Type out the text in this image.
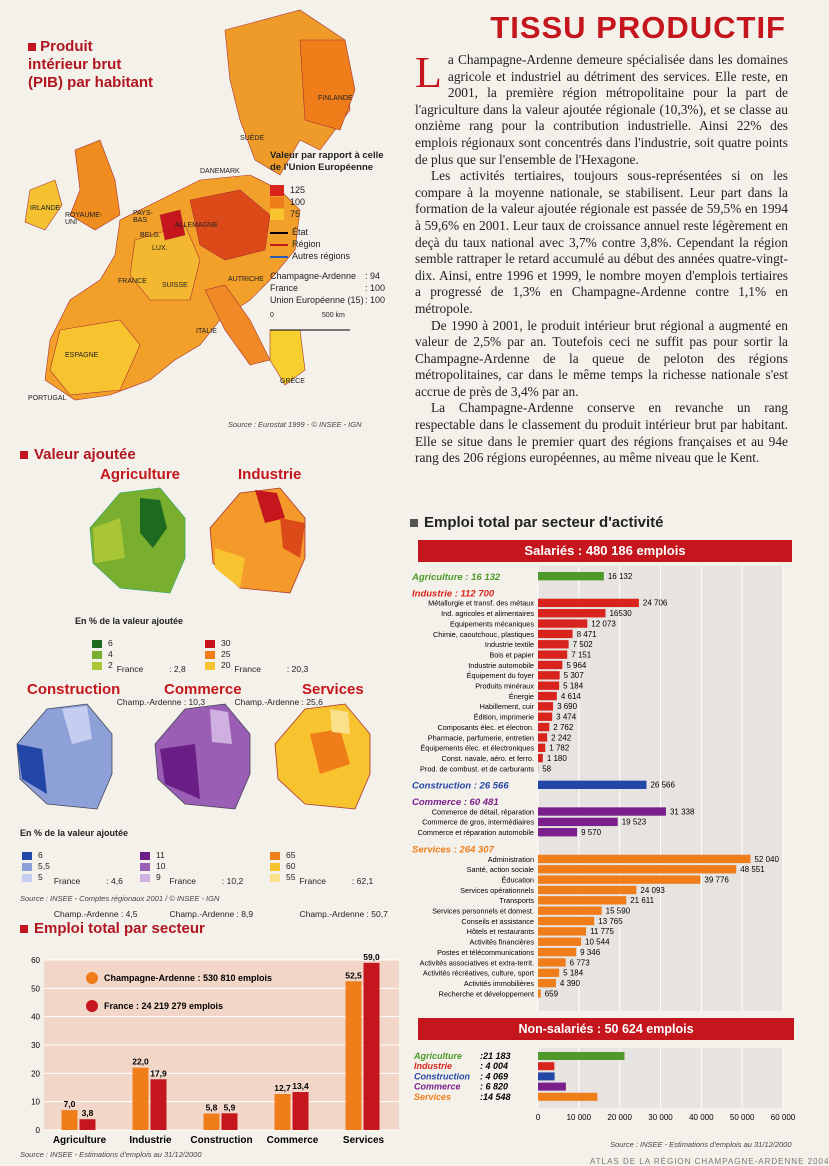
TISSU PRODUCTIF

La Champagne-Ardenne demeure spécialisée dans les domaines agricole et industriel au détriment des services. Elle reste, en 2001, la première région métropolitaine pour la part de l'agriculture dans la valeur ajoutée régionale (10,3%), et se classe au onzième rang pour la contribution industrielle. Ainsi 22% des emplois régionaux sont concentrés dans l'industrie, soit quatre points de plus que sur l'ensemble de l'Hexagone.

Les activités tertiaires, toujours sous-représentées si on les compare à la moyenne nationale, se stabilisent. Leur part dans la formation de la valeur ajoutée régionale est passée de 59,5% en 1994 à 59,6% en 2001. Leur taux de croissance annuel reste légèrement en deçà du taux national avec 3,7% contre 3,8%. Cependant la région semble rattraper le retard accumulé au début des années quatre-vingt-dix. Ainsi, entre 1996 et 1999, le nombre moyen d'emplois tertiaires a progressé de 1,3% en Champagne-Ardenne contre 1,1% en métropole.

De 1990 à 2001, le produit intérieur brut régional a augmenté en valeur de 2,5% par an. Toutefois ceci ne suffit pas pour sortir la Champagne-Ardenne de la queue de peloton des régions métropolitaines, car dans le même temps la richesse nationale s'est accrue de près de 3,4% par an.

La Champagne-Ardenne conserve en revanche un rang respectable dans le classement du produit intérieur brut par habitant. Elle se situe dans le premier quart des régions françaises et au 94e rang des 206 régions européennes, au même niveau que le Kent.

Produit
intérieur brut
(PIB) par habitant
FINLANDE
SUÈDE
DANEMARK
IRLANDE
ROYAUME-UNI
PAYS-BAS
ALLEMAGNE
BELG.
LUX.
FRANCE
SUISSE
AUTRICHE
ITALIE
ESPAGNE
PORTUGAL
GRÈCE
Valeur par rapport à celle de l'Union Européenne
125
100
75
État
Région
Autres régions
Champagne-Ardenne : 94
France	: 100
Union Européenne (15): 100
0	500 km
Source : Eurostat 1999 - © INSEE - IGN
Valeur ajoutée
Agriculture	Industrie
En % de la valeur ajoutée
6
4
2

France           : 2,8

Champ.-Ardenne : 10,3

30
25
20

France           : 20,3

Champ.-Ardenne : 25,6

Construction	Commerce	Services
En % de la valeur ajoutée
6
5,5
5

	France           : 4,6

Champ.-Ardenne : 4,5

11
10
9

	France           : 10,2

Champ.-Ardenne : 8,9

65
60
55

France           : 62,1

Champ.-Ardenne : 50,7

Source : INSEE - Comptes régionaux 2001 / © INSEE - IGN
Emploi total par secteur
0
10
20
30
40
50
60
7,0
3,8
Agriculture
22,0
17,9
Industrie
5,8 5,9
Construction
12,7 13,4
Commerce
52,5
59,0
Services
Champagne-Ardenne : 530 810 emplois
France : 24 219 279 emplois
Source : INSEE - Estimations d'emplois au 31/12/2000
Emploi total par secteur d'activité
Salariés : 480 186 emplois
Agriculture : 16 132	16 132
Industrie : 112 700
Métallurgie et transf. des métaux	24 706
Ind. agricoles et alimentaires	16530
Equipements mécaniques	12 073
Chimie, caoutchouc, plastiques	8 471
Industrie textile	7 502
Bois et papier	7 151
Industrie automobile	5 964
Équipement du foyer	5 307
Produits minéraux	5 184
Énergie	4 614
Habillement, cuir	3 690
Édition, imprimerie	3 474
Composants élec. et électron. 2 762
Pharmacie, parfumerie, entretien 2 242
Équipements élec. et électroniques 1 782
Const. navale, aéro. et ferro. 1 180
Prod. de combust. et de carburants 58
Construction : 26 566	26 566
Commerce : 60 481
Commerce de détail, réparation	31 338
Commerce de gros, intermédiaires	19 523
Commerce et réparation automobile	9 570
Services : 264 307
Administration	52 040
Santé, action sociale	48 551
Éducation	39 776
Services opérationnels	24 093
Transports	21 611
Services personnels et domest.	15 590
Conseils et assistance	13 765
Hôtels et restaurants	11 775
Activités financières	10 544
Postes et télécommunications	9 346
Activités associatives et extra-territ.	6 773
Activités récréatives, culture, sport	5 184
Activités immobilières	4 390
Recherche et développement 659
Non-salariés : 50 624 emplois
0	10 000 20 000 30 000 40 000 50 000 60 000
Agriculture :21 183
Industrie	: 4 004
Construction : 4 069
Commerce : 6 820
Services	:14 548
Source : INSEE - Estimations d'emplois au 31/12/2000
ATLAS DE LA RÉGION CHAMPAGNE-ARDENNE 2004
